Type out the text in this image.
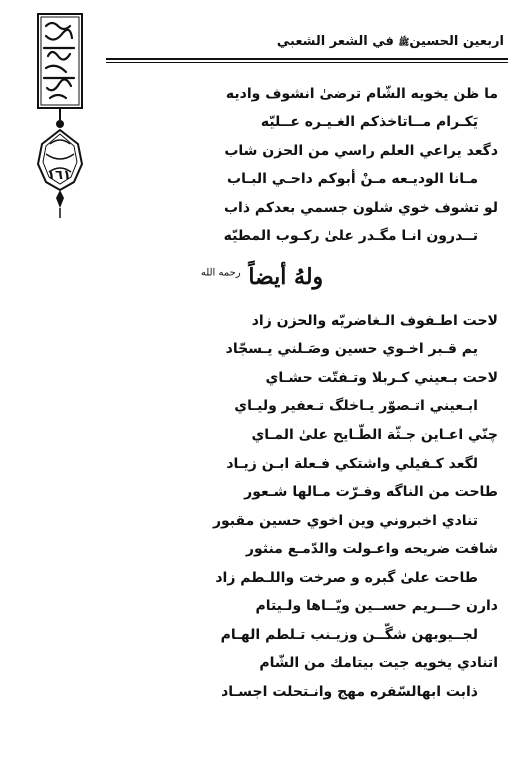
١٦١
اربعين الحسينﷺ في الشعر الشعبي
ما ظن يخويه الشّام ترضىٰ انشوف واديه
يَكـرام مــاتاخذكم الغـيـره عــليّه
دگعد يراعي العلم راسي من الحزن شاب
مـانا الوديـعه مـنْ أبوكم داحـي البـاب
لو تشوف خوي شلون جسمي بعدكم ذاب
تــدرون انـا مگـدر علىٰ ركـوب المطيّه
ولهُ أيضاً $^{رحمه الله}$
لاحت اطـفوف الـغاضريّه والحزن زاد
يم قـبر اخـوي حسين وصَـلني يـسجّاد
لاحت بـعيني كـربلا وتـفتّت حشـاي
ابـعيني اتـصوّر يـاخلگ تـعفير وليـاي
چنّي اعـاين جـثّة الطّـايح علىٰ المـاي
لگعد كـفيلي واشتكي فـعلة ابـن زيـاد
طاحت من الناگه وفـرّت مـالها شـعور
تنادي اخبروني وين اخوي حسين مقبور
شافت ضريحه واعـولت والدّمـع منثور
طاحت علىٰ گبره و صرخت واللـطم زاد
دارن حـــريم حســين ويّــاها ولـيتام
لجــيوبهن شگّــن وزيـنب تـلطم الهـام
اتنادي يخويه جيت بيتامك من الشّام
ذابت ابهالسّفره مهج وانـتحلت اجسـاد
